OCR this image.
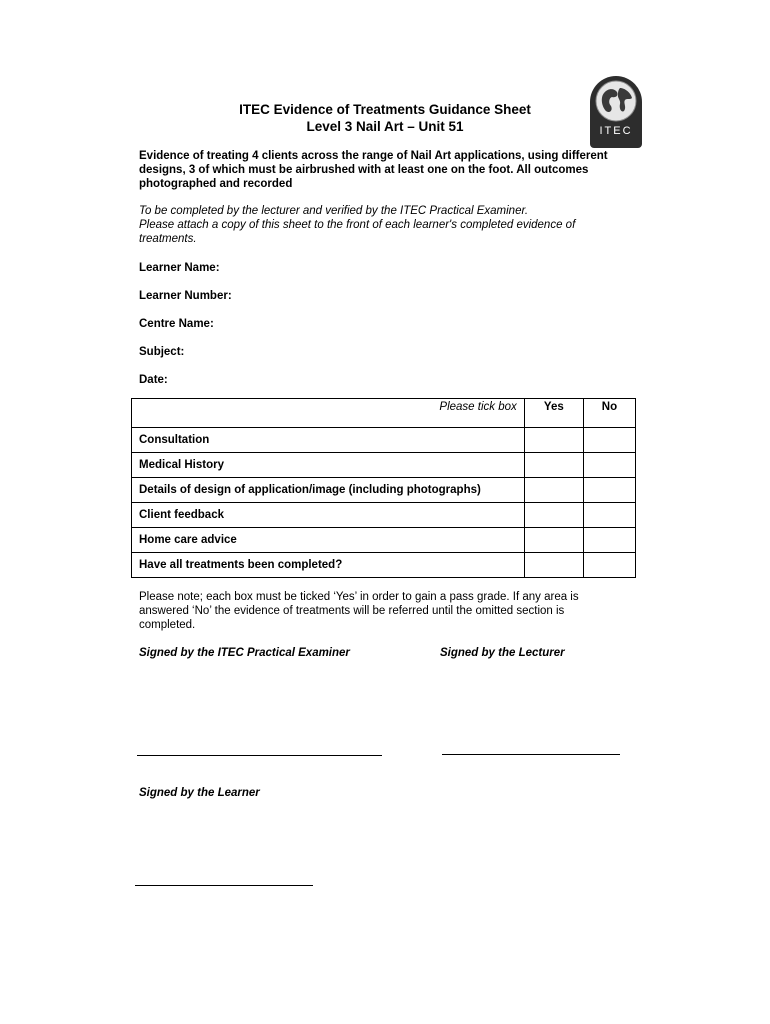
ITEC
ITEC Evidence of Treatments Guidance Sheet
Level 3 Nail Art – Unit 51
Evidence of treating 4 clients across the range of Nail Art applications, using different designs, 3 of which must be airbrushed with at least one on the foot. All outcomes photographed and recorded
To be completed by the lecturer and verified by the ITEC Practical Examiner.
Please attach a copy of this sheet to the front of each learner's completed evidence of treatments.
Learner Name:
Learner Number:
Centre Name:
Subject:
Date:
Please tick box	Yes	No
Consultation		
Medical History		
Details of design of application/image (including photographs)		
Client feedback		
Home care advice		
Have all treatments been completed?		
Please note; each box must be ticked ‘Yes’ in order to gain a pass grade. If any area is answered ‘No’ the evidence of treatments will be referred until the omitted section is completed.
Signed by the ITEC Practical Examiner	Signed by the Lecturer
Signed by the Learner
